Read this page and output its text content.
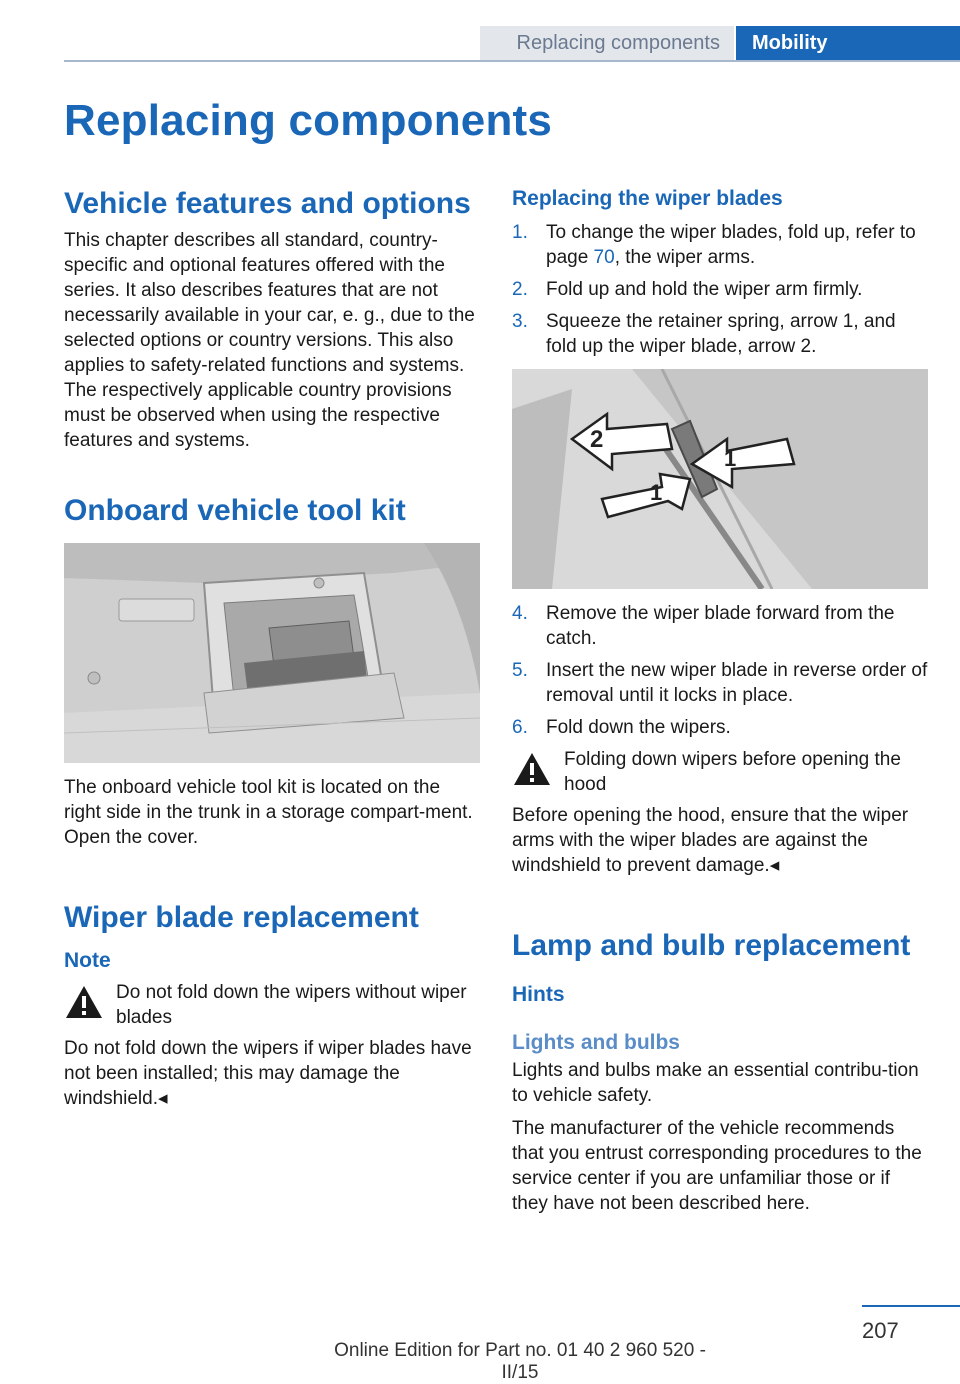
Replacing components Mobility
Replacing components
Vehicle features and options

This chapter describes all standard, country-specific and optional features offered with the series. It also describes features that are not necessarily available in your car, e. g., due to the selected options or country versions. This also applies to safety-related functions and systems. The respectively applicable country provisions must be observed when using the respective features and systems.

Onboard vehicle tool kit

The onboard vehicle tool kit is located on the right side in the trunk in a storage compart-ment. Open the cover.

Wiper blade replacement
Note

Do not fold down the wipers without wiper blades

Do not fold down the wipers if wiper blades have not been installed; this may damage the windshield.◂

Replacing the wiper blades
1. To change the wiper blades, fold up, refer to page 70, the wiper arms.
2. Fold up and hold the wiper arm firmly.
3. Squeeze the retainer spring, arrow 1, and fold up the wiper blade, arrow 2.
2
1
1
4. Remove the wiper blade forward from the catch.
5. Insert the new wiper blade in reverse order of removal until it locks in place.
6. Fold down the wipers.

Folding down wipers before opening the hood

Before opening the hood, ensure that the wiper arms with the wiper blades are against the windshield to prevent damage.◂

Lamp and bulb replacement
Hints
Lights and bulbs

Lights and bulbs make an essential contribu-tion to vehicle safety.

The manufacturer of the vehicle recommends that you entrust corresponding procedures to the service center if you are unfamiliar those or if they have not been described here.

207
Online Edition for Part no. 01 40 2 960 520 - II/15
